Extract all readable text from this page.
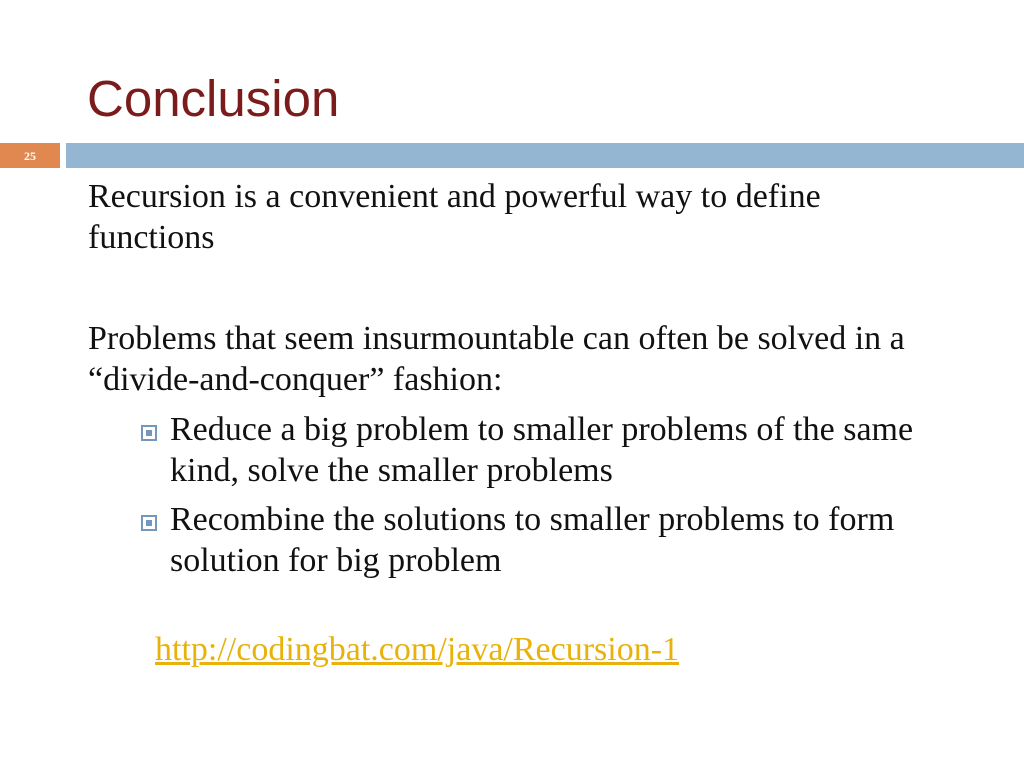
Conclusion
25
Recursion is a convenient and powerful way to define
functions
Problems that seem insurmountable can often be solved in a
“divide-and-conquer” fashion:
Reduce a big problem to smaller problems of the same
kind, solve the smaller problems
Recombine the solutions to smaller problems to form
solution for big problem
http://codingbat.com/java/Recursion-1
